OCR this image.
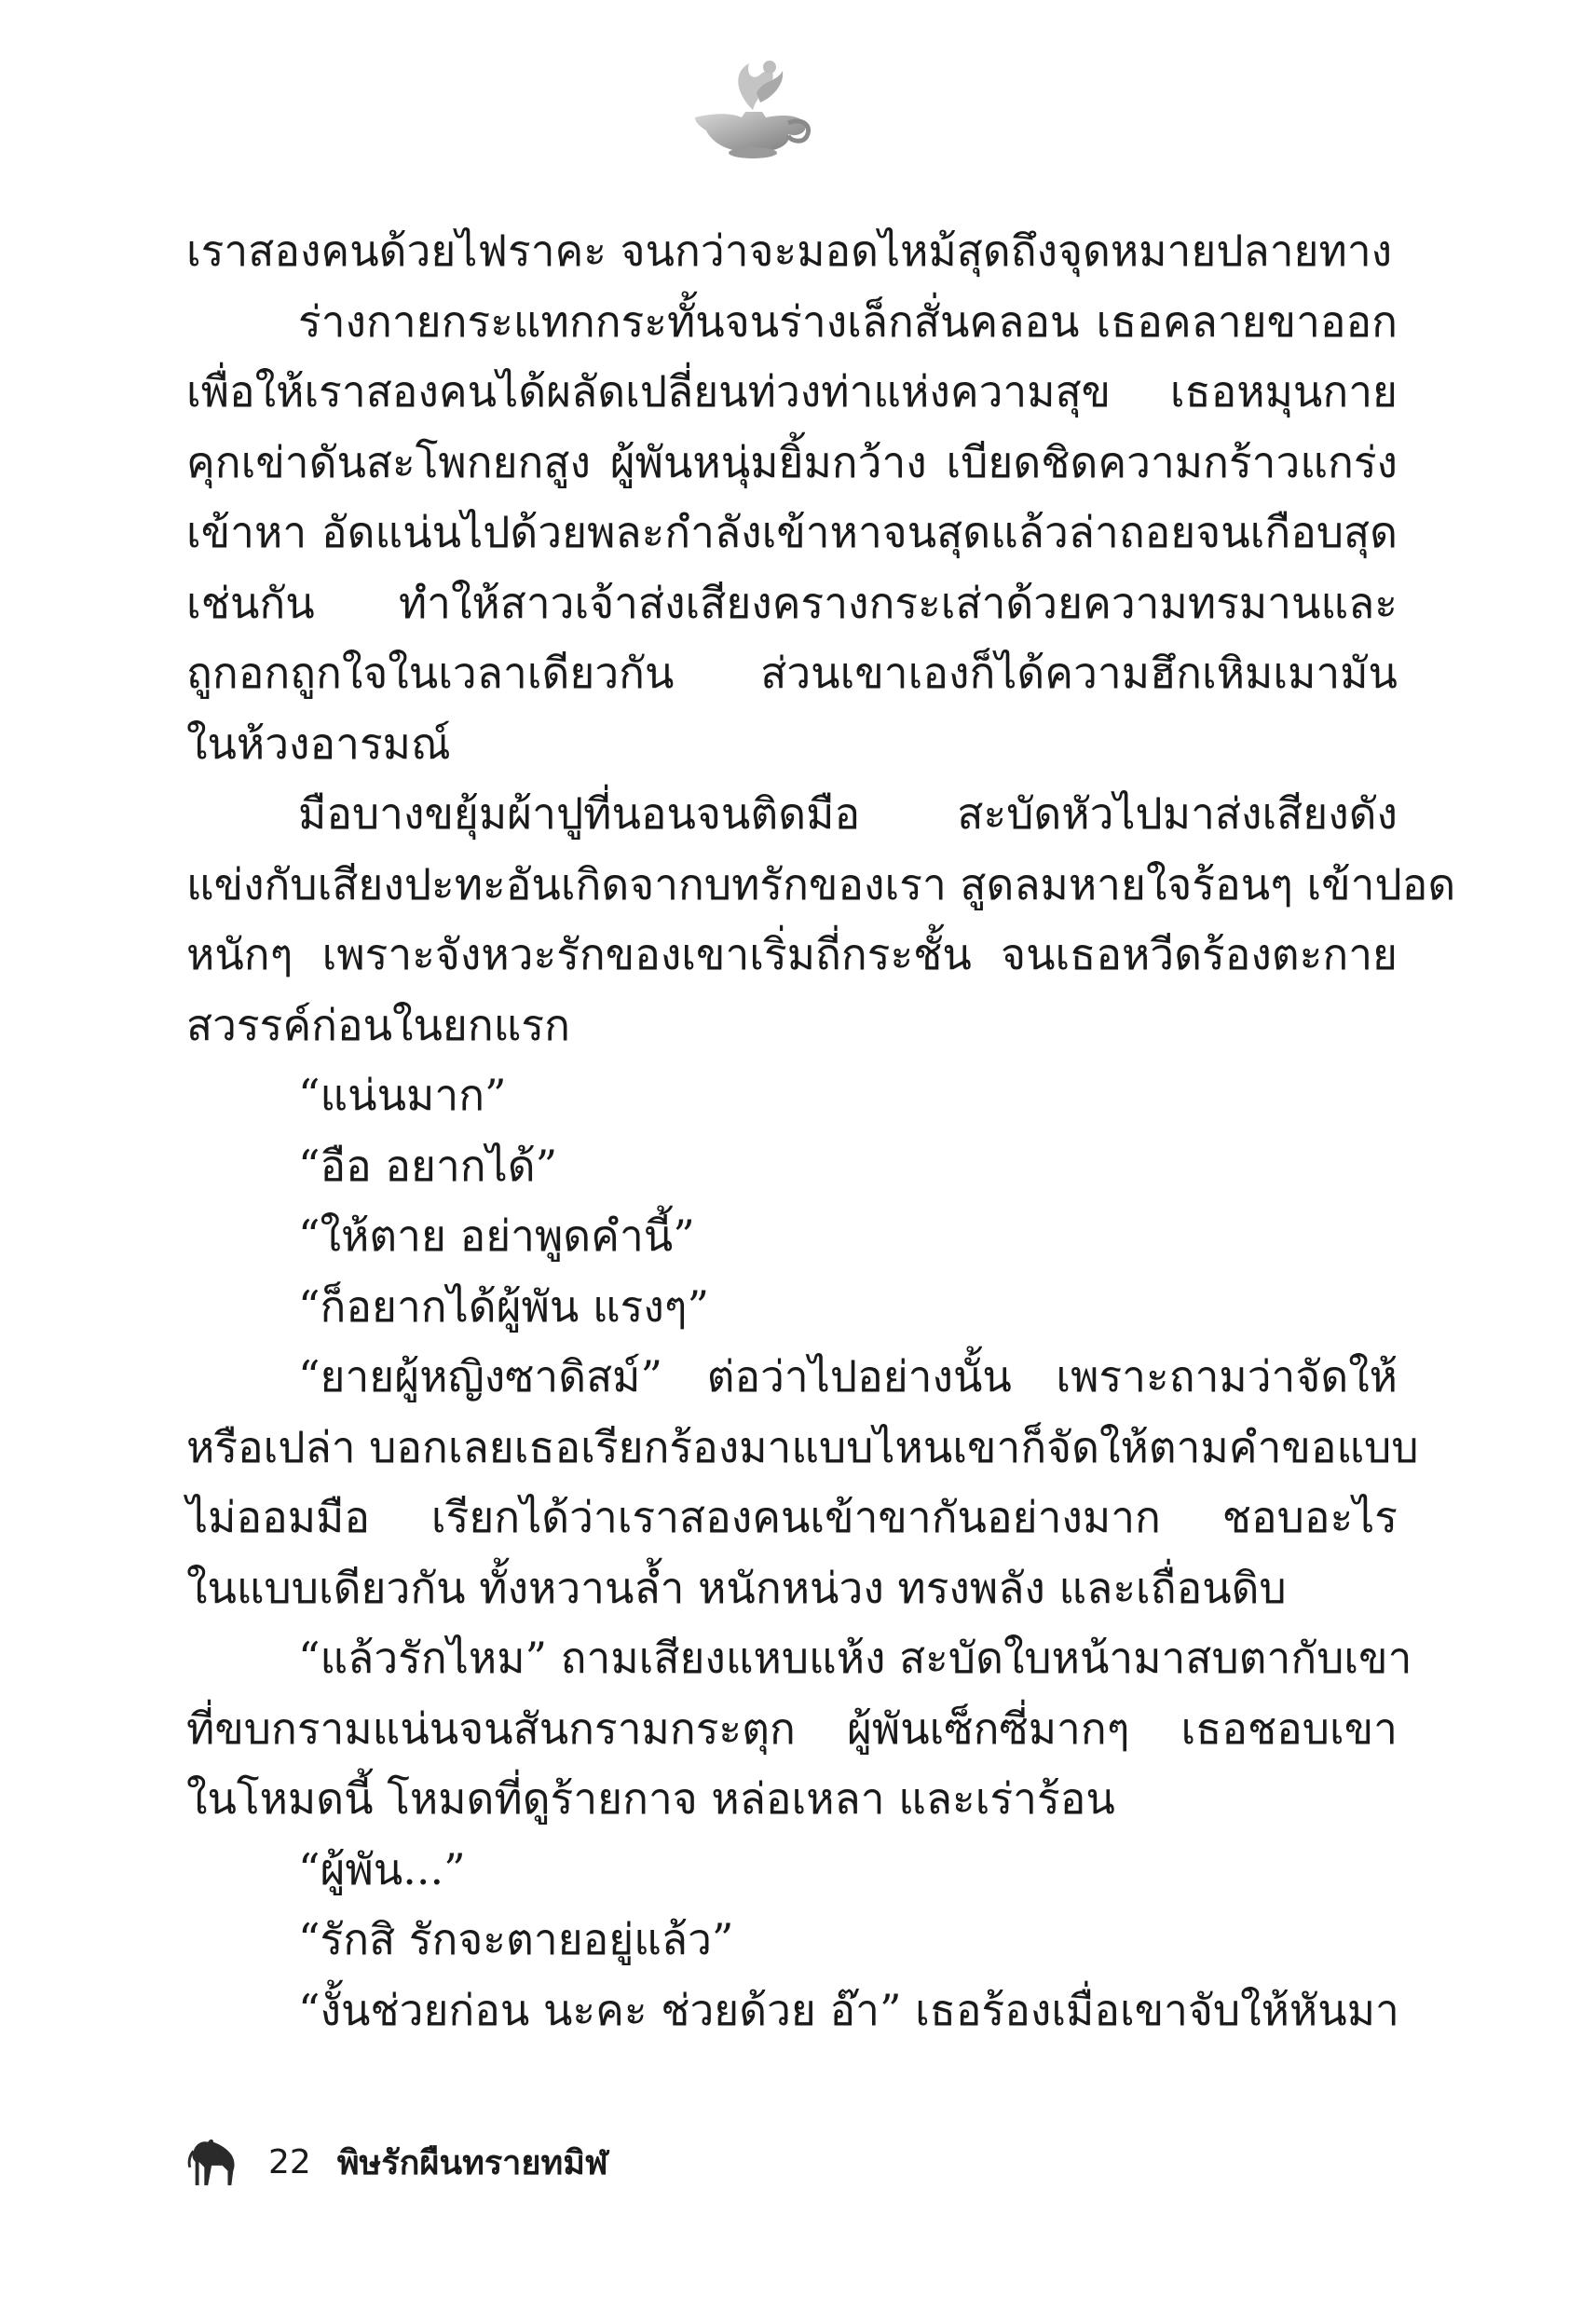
เราสองคนด้วยไฟราคะ จนกว่าจะมอดไหม้สุดถึงจุดหมายปลายทาง
ร่างกายกระแทกกระทั้นจนร่างเล็กสั่นคลอน เธอคลายขาออก
เพื่อให้เราสองคนได้ผลัดเปลี่ยนท่วงท่าแห่งความสุข เธอหมุนกาย
คุกเข่าดันสะโพกยกสูง ผู้พันหนุ่มยิ้มกว้าง เบียดชิดความกร้าวแกร่ง
เข้าหา อัดแน่นไปด้วยพละกำลังเข้าหาจนสุดแล้วล่าถอยจนเกือบสุด
เช่นกัน ทำให้สาวเจ้าส่งเสียงครางกระเส่าด้วยความทรมานและ
ถูกอกถูกใจในเวลาเดียวกัน ส่วนเขาเองก็ได้ความฮึกเหิมเมามัน
ในห้วงอารมณ์
มือบางขยุ้มผ้าปูที่นอนจนติดมือ สะบัดหัวไปมาส่งเสียงดัง
แข่งกับเสียงปะทะอันเกิดจากบทรักของเรา สูดลมหายใจร้อนๆ เข้าปอด
หนักๆ เพราะจังหวะรักของเขาเริ่มถี่กระชั้น จนเธอหวีดร้องตะกาย
สวรรค์ก่อนในยกแรก
“แน่นมาก”
“อือ อยากได้”
“ให้ตาย อย่าพูดคำนี้”
“ก็อยากได้ผู้พัน แรงๆ”
“ยายผู้หญิงซาดิสม์” ต่อว่าไปอย่างนั้น เพราะถามว่าจัดให้
หรือเปล่า บอกเลยเธอเรียกร้องมาแบบไหนเขาก็จัดให้ตามคำขอแบบ
ไม่ออมมือ เรียกได้ว่าเราสองคนเข้าขากันอย่างมาก ชอบอะไร
ในแบบเดียวกัน ทั้งหวานล้ำ หนักหน่วง ทรงพลัง และเถื่อนดิบ
“แล้วรักไหม” ถามเสียงแหบแห้ง สะบัดใบหน้ามาสบตากับเขา
ที่ขบกรามแน่นจนสันกรามกระตุก ผู้พันเซ็กซี่มากๆ เธอชอบเขา
ในโหมดนี้ โหมดที่ดูร้ายกาจ หล่อเหลา และเร่าร้อน
“ผู้พัน...”
“รักสิ รักจะตายอยู่แล้ว”
“งั้นช่วยก่อน นะคะ ช่วยด้วย อ๊า” เธอร้องเมื่อเขาจับให้หันมา
22 พิษรักผืนทรายทมิฬ
